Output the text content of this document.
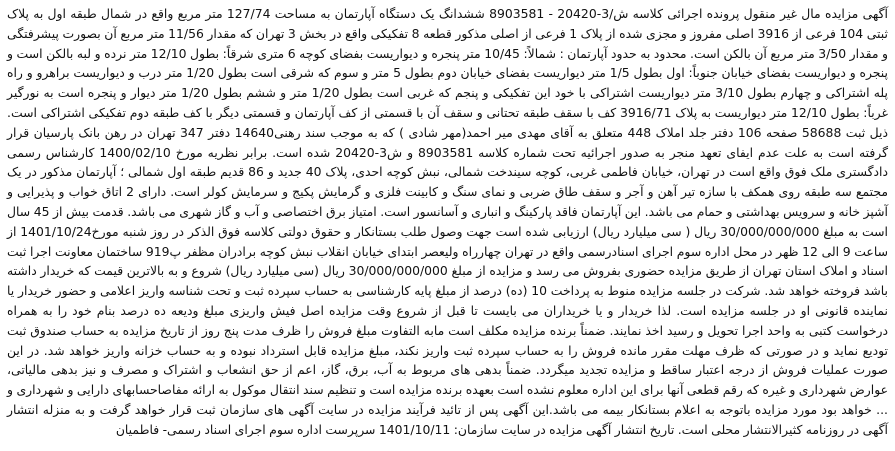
آگهی مزایده مال غیر منقول پرونده اجرائی کلاسه ش/3-20420 - 8903581 ششدانگ یک دستگاه آپارتمان به مساحت 127/74 متر مربع واقع در شمال طبقه اول به پلاک ثبتی 104 فرعی از 3916 اصلی مفروز و مجزی شده از پلاک 1 فرعی از اصلی مذکور قطعه 8 تفکیکی واقع در بخش 3 تهران که مقدار 11/56 متر مربع آن بصورت پیشرفتگی و مقدار 3/50 متر مربع آن بالکن است. محدود به حدود آپارتمان : شمالاً: 10/45 متر پنجره و دیواریست بفضای کوچه 6 متری شرقاً: بطول 12/10 متر نرده و لبه بالکن است و پنجره و دیواریست بفضای خیابان جنوباً: اول بطول 1/5 متر دیواریست بفضای خیابان دوم بطول 5 متر و سوم که شرقی است بطول 1/20 متر درب و دیواریست براهرو و راه پله اشتراکی و چهارم بطول 3/10 متر دیواریست اشتراکی با خود این تفکیکی و پنجم که غربی است بطول 1/20 متر و ششم بطول 1/20 متر دیوار و پنجره است به نورگیر غرباً: بطول 12/10 متر دیواریست به پلاک 3916/71 کف با سقف طبقه تحتانی و سقف آن با قسمتی از کف آپارتمان و قسمتی دیگر با کف طبقه دوم تفکیکی اشتراکی است. ذیل ثبت 58688 صفحه 106 دفتر جلد املاک 448 متعلق به آقای مهدی میر احمد(مهر شادی ) که به موجب سند رهنی14640 دفتر 347 تهران در رهن بانک پارسیان قرار گرفته است به علت عدم ایفای تعهد منجر به صدور اجرائیه تحت شماره کلاسه 8903581 و ش3-20420 شده است. برابر نظریه مورخ 1400/02/10 کارشناس رسمی دادگستری ملک فوق واقع است در تهران، خیابان فاطمی غربی، کوچه سیندخت شمالی، نبش کوچه احدی، پلاک 40 جدید و 86 قدیم طبقه اول شمالی ؛ آپارتمان مذکور در یک مجتمع سه طبقه روی همکف با سازه تیر آهن و آجر و سقف طاق ضربی و نمای سنگ و کابینت فلزی و گرمایش پکیج و سرمایش کولر است. دارای 2 اتاق خواب و پذیرایی و آشپز خانه و سرویس بهداشتی و حمام می باشد. این آپارتمان فاقد پارکینگ و انباری و آسانسور است. امتیاز برق اختصاصی و آب و گاز شهری می باشد. قدمت بیش از 45 سال است به مبلغ 30/000/000/000 ریال ( سی میلیارد ریال) ارزیابی شده است جهت وصول طلب بستانکار و حقوق دولتی کلاسه فوق الذکر در روز شنبه مورخ1401/10/24 از ساعت 9 الی 12 ظهر در محل اداره سوم اجرای اسنادرسمی واقع در تهران چهارراه ولیعصر ابتدای خیابان انقلاب نبش کوچه برادران مظفر پ919 ساختمان معاونت اجرا ثبت اسناد و املاک استان تهران از طریق مزایده حضوری بفروش می رسد و مزایده از مبلغ 30/000/000/000 ریال (سی میلیارد ریال) شروع و به بالاترین قیمت که خریدار داشته باشد فروخته خواهد شد. شرکت در جلسه مزایده منوط به پرداخت 10 (ده) درصد از مبلغ پایه کارشناسی به حساب سپرده ثبت و تحت شناسه واریز اعلامی و حضور خریدار یا نماینده قانونی او در جلسه مزایده است. لذا خریدار و یا خریداران می بایست تا قبل از شروع وقت مزایده اصل فیش واریزی مبلغ ودیعه ده درصد بنام خود را به همراه درخواست کتبی به واحد اجرا تحویل و رسید اخذ نمایند. ضمناً برنده مزایده مکلف است مابه التفاوت مبلغ فروش را ظرف مدت پنج روز از تاریخ مزایده به حساب صندوق ثبت تودیع نماید و در صورتی که ظرف مهلت مقرر مانده فروش را به حساب سپرده ثبت واریز نکند، مبلغ مزایده قابل استرداد نبوده و به حساب خزانه واریز خواهد شد. در این صورت عملیات فروش از درجه اعتبار ساقط و مزایده تجدید میگردد. ضمناً بدهی های مربوط به آب، برق، گاز، اعم از حق انشعاب و اشتراک و مصرف و نیز بدهی مالیاتی، عوارض شهرداری و غیره که رقم قطعی آنها برای این اداره معلوم نشده است بعهده برنده مزایده است و تنظیم سند انتقال موکول به ارائه مفاصاحسابهای دارایی و شهرداری و ... خواهد بود مورد مزایده باتوجه به اعلام بستانکار بیمه می باشد.این آگهی پس از تائید فرآیند مزایده در سایت آگهی های سازمان ثبت قرار خواهد گرفت و به منزله انتشار آگهی در روزنامه کثیرالانتشار محلی است. تاریخ انتشار آگهی مزایده در سایت سازمان: 1401/10/11 سرپرست اداره سوم اجرای اسناد رسمی- فاطمیان
